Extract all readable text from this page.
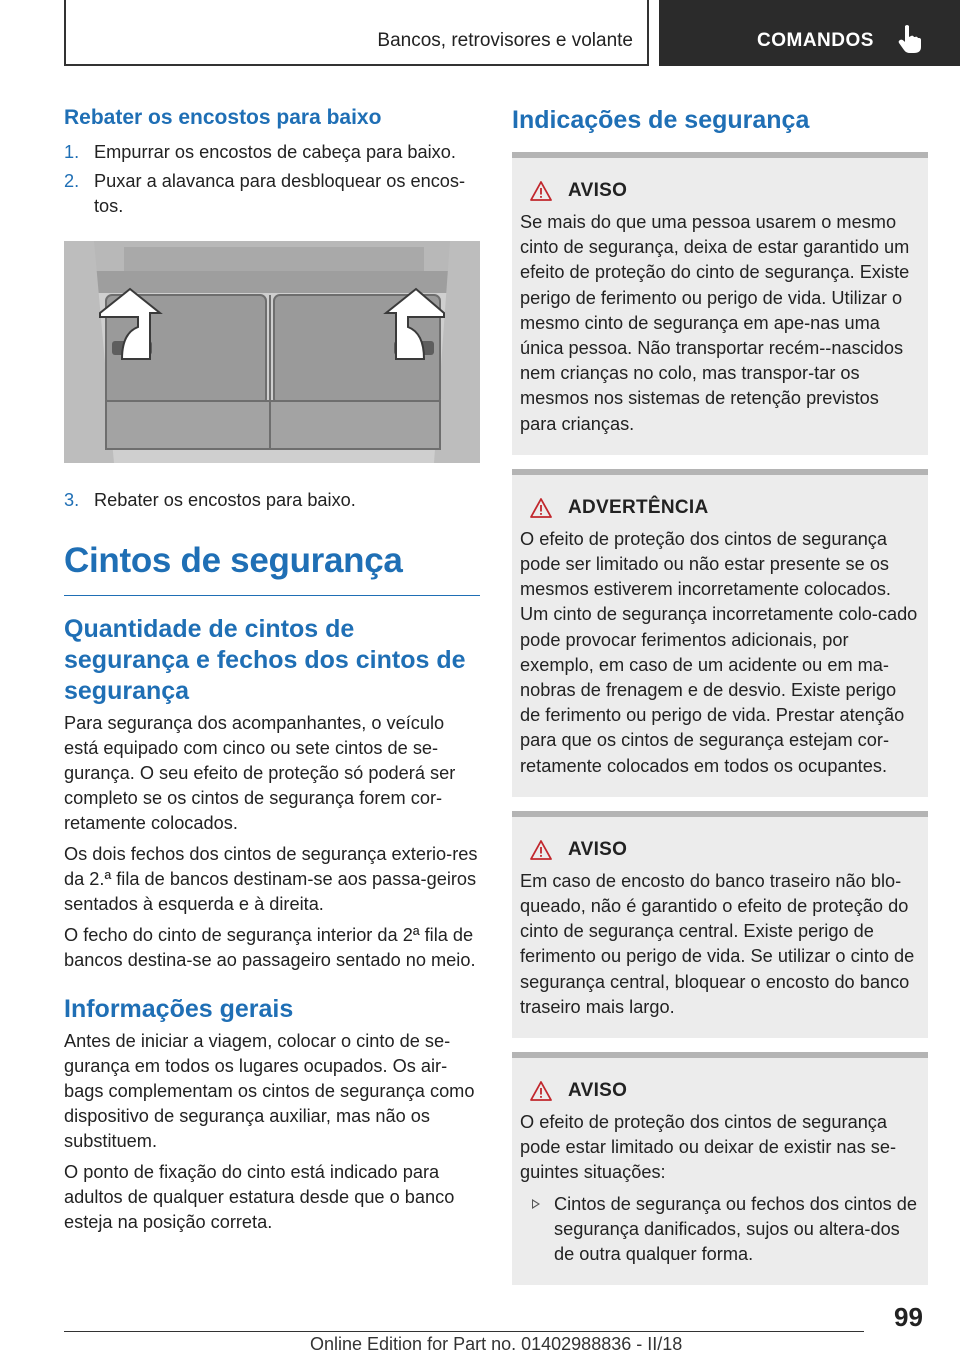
Bancos, retrovisores e volante	COMANDOS
Rebater os encostos para baixo
1. Empurrar os encostos de cabeça para baixo.
2. Puxar a alavanca para desbloquear os encos-tos.
3. Rebater os encostos para baixo.
Cintos de segurança
Quantidade de cintos de segurança e fechos dos cintos de segurança
Para segurança dos acompanhantes, o veículo está equipado com cinco ou sete cintos de se-gurança. O seu efeito de proteção só poderá ser completo se os cintos de segurança forem cor-retamente colocados.
Os dois fechos dos cintos de segurança exterio-res da 2.ª fila de bancos destinam-se aos passa-geiros sentados à esquerda e à direita.
O fecho do cinto de segurança interior da 2ª fila de bancos destina-se ao passageiro sentado no meio.
Informações gerais
Antes de iniciar a viagem, colocar o cinto de se-gurança em todos os lugares ocupados. Os air-bags complementam os cintos de segurança como dispositivo de segurança auxiliar, mas não os substituem.
O ponto de fixação do cinto está indicado para adultos de qualquer estatura desde que o banco esteja na posição correta.
Indicações de segurança
AVISO
Se mais do que uma pessoa usarem o mesmo cinto de segurança, deixa de estar garantido um efeito de proteção do cinto de segurança. Existe perigo de ferimento ou perigo de vida. Utilizar o mesmo cinto de segurança em ape-nas uma única pessoa. Não transportar recém--nascidos nem crianças no colo, mas transpor-tar os mesmos nos sistemas de retenção previstos para crianças.
ADVERTÊNCIA
O efeito de proteção dos cintos de segurança pode ser limitado ou não estar presente se os mesmos estiverem incorretamente colocados. Um cinto de segurança incorretamente colo-cado pode provocar ferimentos adicionais, por exemplo, em caso de um acidente ou em ma-nobras de frenagem e de desvio. Existe perigo de ferimento ou perigo de vida. Prestar atenção para que os cintos de segurança estejam cor-retamente colocados em todos os ocupantes.
AVISO
Em caso de encosto do banco traseiro não blo-queado, não é garantido o efeito de proteção do cinto de segurança central. Existe perigo de ferimento ou perigo de vida. Se utilizar o cinto de segurança central, bloquear o encosto do banco traseiro mais largo.
AVISO
O efeito de proteção dos cintos de segurança pode estar limitado ou deixar de existir nas se-guintes situações:
Cintos de segurança ou fechos dos cintos de segurança danificados, sujos ou altera-dos de outra qualquer forma.
99
Online Edition for Part no. 01402988836 - II/18
